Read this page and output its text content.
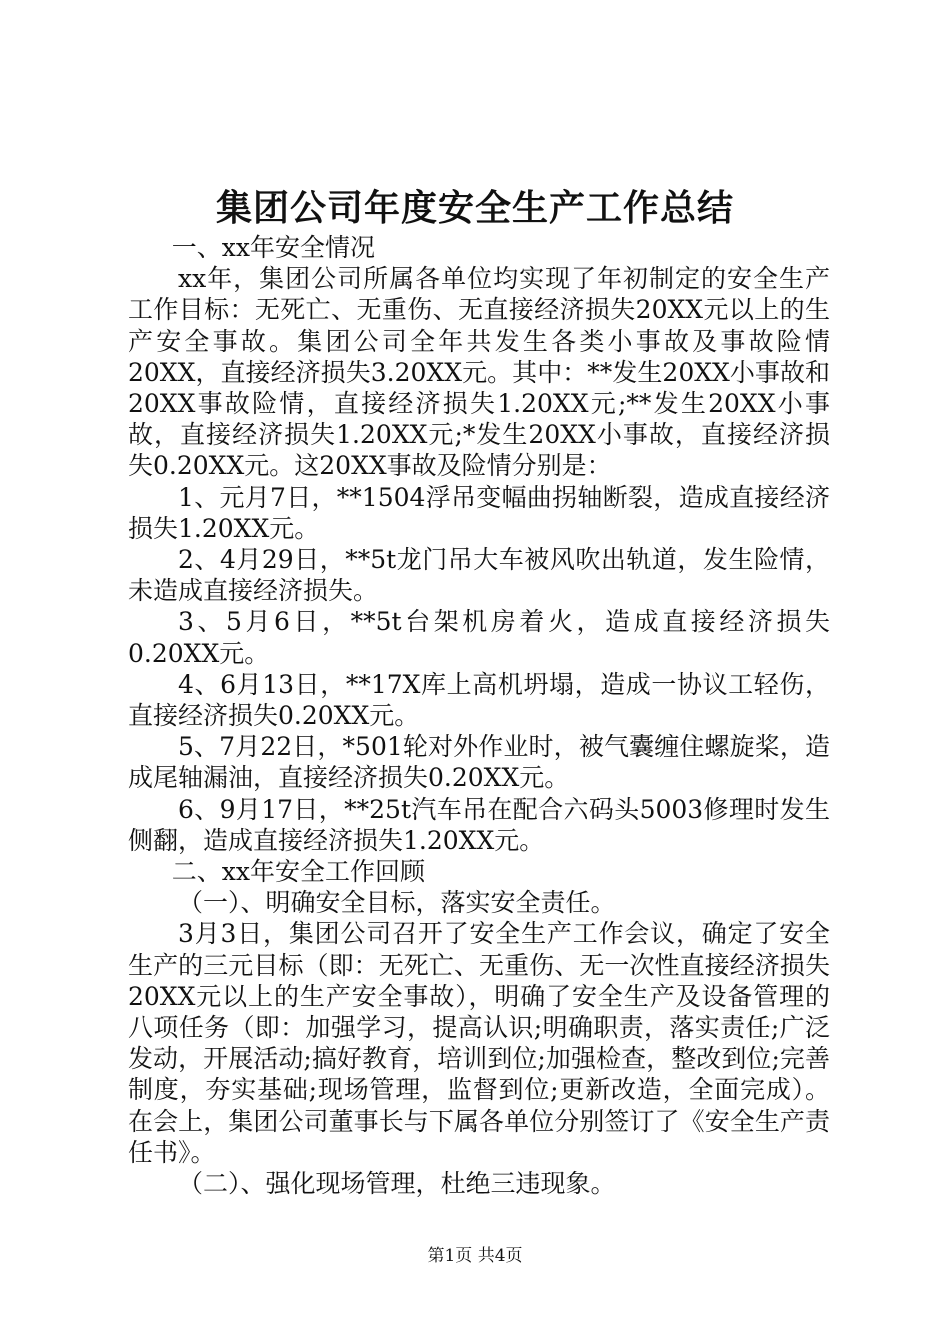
集团公司年度安全生产工作总结

一、xx年安全情况

xx年，集团公司所属各单位均实现了年初制定的安全生产工作目标：无死亡、无重伤、无直接经济损失20XX元以上的生产安全事故。集团公司全年共发生各类小事故及事故险情20XX，直接经济损失3.20XX元。其中：**发生20XX小事故和20XX事故险情，直接经济损失1.20XX元;**发生20XX小事故，直接经济损失1.20XX元;*发生20XX小事故，直接经济损失0.20XX元。这20XX事故及险情分别是：

1、元月7日，**1504浮吊变幅曲拐轴断裂，造成直接经济损失1.20XX元。

2、4月29日，**5t龙门吊大车被风吹出轨道，发生险情，未造成直接经济损失。

3、5月6日，**5t台架机房着火，造成直接经济损失0.20XX元。

4、6月13日，**17X库上高机坍塌，造成一协议工轻伤，直接经济损失0.20XX元。

5、7月22日，*501轮对外作业时，被气囊缠住螺旋桨，造成尾轴漏油，直接经济损失0.20XX元。

6、9月17日，**25t汽车吊在配合六码头5003修理时发生侧翻，造成直接经济损失1.20XX元。

二、xx年安全工作回顾

（一）、明确安全目标，落实安全责任。

3月3日，集团公司召开了安全生产工作会议，确定了安全生产的三元目标（即：无死亡、无重伤、无一次性直接经济损失20XX元以上的生产安全事故），明确了安全生产及设备管理的八项任务（即：加强学习，提高认识;明确职责，落实责任;广泛发动，开展活动;搞好教育，培训到位;加强检查，整改到位;完善制度，夯实基础;现场管理，监督到位;更新改造，全面完成）。在会上，集团公司董事长与下属各单位分别签订了《安全生产责任书》。

（二）、强化现场管理，杜绝三违现象。

第1页 共4页
